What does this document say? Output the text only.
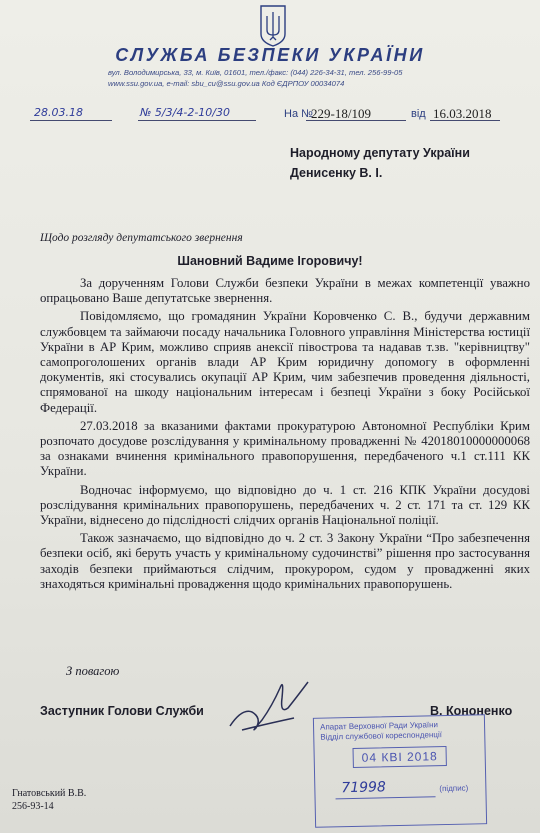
СЛУЖБА БЕЗПЕКИ УКРАЇНИ
вул. Володимирська, 33, м. Київ, 01601, тел./факс: (044) 226-34-31, тел. 256-99-05
www.ssu.gov.ua, e-mail: sbu_cu@ssu.gov.ua Код ЄДРПОУ 00034074
28.03.18	№ 5/3/4-2-10/30	На №
229-18/109	від 16.03.2018
Народному депутату України
Денисенку В. І.
Щодо розгляду депутатського звернення
Шановний Вадиме Ігоровичу!

За дорученням Голови Служби безпеки України в межах компетенції уважно опрацьовано Ваше депутатське звернення.

Повідомляємо, що громадянин України Коровченко С. В., будучи державним службовцем та займаючи посаду начальника Головного управління Міністерства юстиції України в АР Крим, можливо сприяв анексії півострова та надавав т.зв. "керівництву" самопроголошених органів влади АР Крим юридичну допомогу в оформленні документів, які стосувались окупації АР Крим, чим забезпечив проведення діяльності, спрямованої на шкоду національним інтересам і безпеці України з боку Російської Федерації.

27.03.2018 за вказаними фактами прокуратурою Автономної Республіки Крим розпочато досудове розслідування у кримінальному провадженні № 42018010000000068 за ознаками вчинення кримінального правопорушення, передбаченого ч.1 ст.111 КК України.

Водночас інформуємо, що відповідно до ч. 1 ст. 216 КПК України досудові розслідування кримінальних правопорушень, передбачених ч. 2 ст. 171 та ст. 129 КК України, віднесено до підслідності слідчих органів Національної поліції.

Також зазначаємо, що відповідно до ч. 2 ст. 3 Закону України “Про забезпечення безпеки осіб, які беруть участь у кримінальному судочинстві” рішення про застосування заходів безпеки приймаються слідчим, прокурором, судом у провадженні яких знаходяться кримінальні провадження щодо кримінальних правопорушень.

З повагою
Заступник Голови Служби	В. Кононенко
Апарат Верховної Ради України
Відділ службової кореспонденції
04 КВІ 2018
71998	(підпис)
Гнатовський В.В.
256-93-14
